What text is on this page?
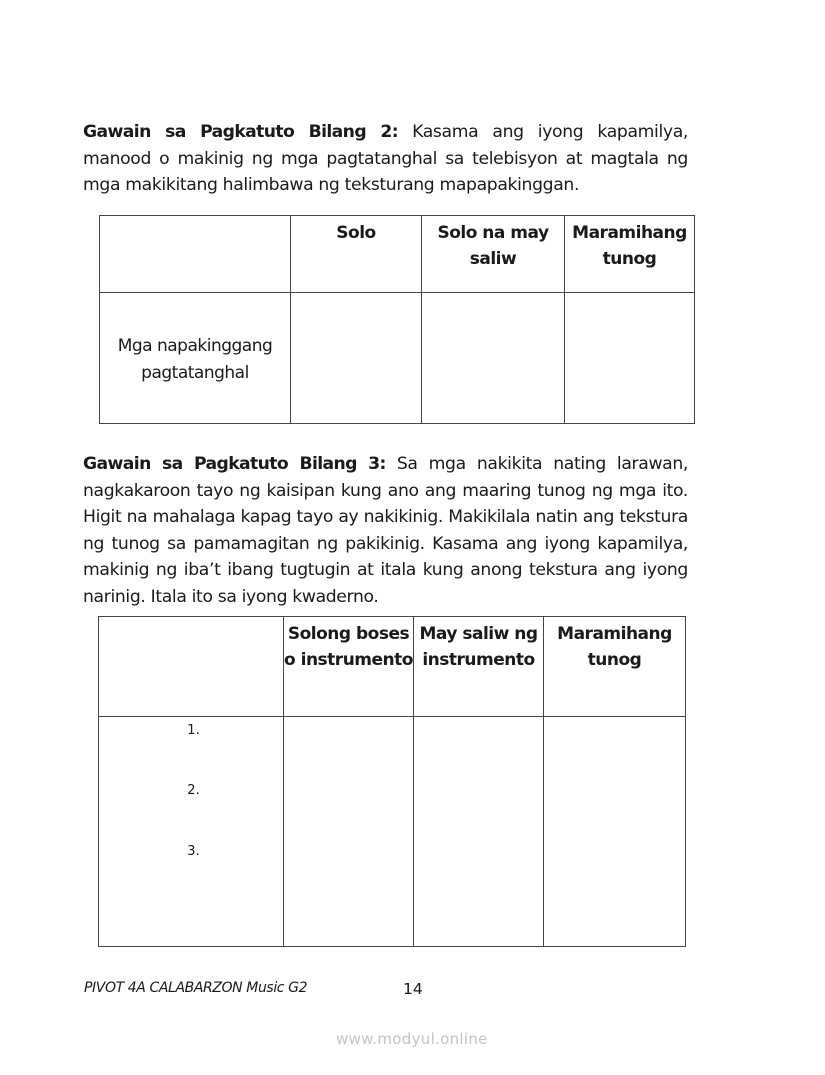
Gawain sa Pagkatuto Bilang 2: Kasama ang iyong kapamilya, manood o makinig ng mga pagtatanghal sa telebisyon at magtala ng mga makikitang halimbawa ng teksturang mapapakinggan.

	Solo	Solo na may saliw	Maramihang tunog
Mga napakinggang pagtatanghal			

Gawain sa Pagkatuto Bilang 3: Sa mga nakikita nating larawan, nagkakaroon tayo ng kaisipan kung ano ang maaring tunog ng mga ito. Higit na mahalaga kapag tayo ay nakikinig. Makikilala natin ang tekstura ng tunog sa pamamagitan ng pakikinig. Kasama ang iyong kapamilya, makinig ng iba’t ibang tugtugin at itala kung anong tekstura ang iyong narinig. Itala ito sa iyong kwaderno.

	Solong boses o instrumento	May saliw ng instrumento	Maramihang tunog

1.
2.
3.			

PIVOT 4A CALABARZON Music G2	14
www.modyul.online
